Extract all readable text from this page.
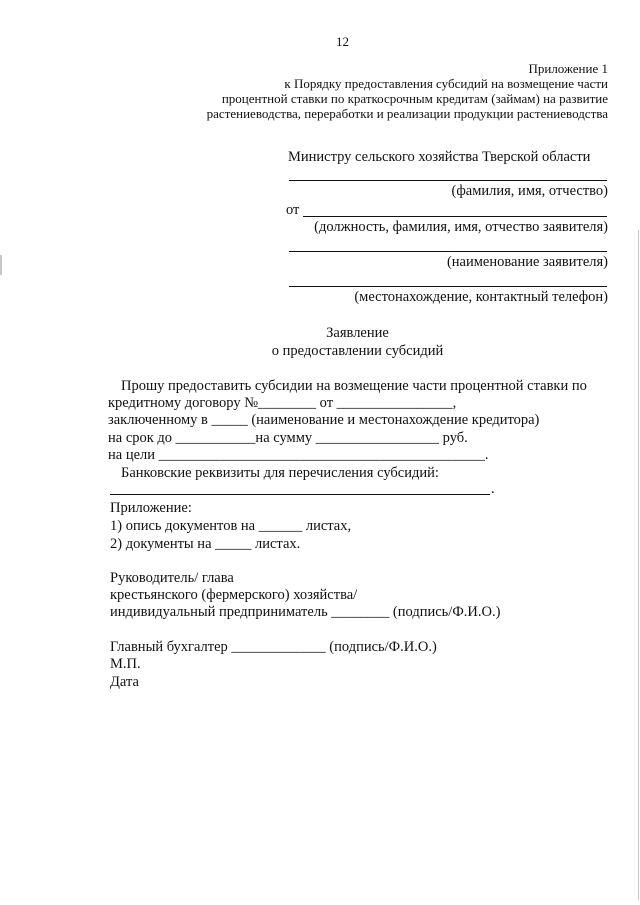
12
Приложение 1
к Порядку предоставления субсидий на возмещение части
процентной ставки по краткосрочным кредитам (займам) на развитие
растениеводства, переработки и реализации продукции растениеводства
Министру сельского хозяйства Тверской области
(фамилия, имя, отчество)
от
(должность, фамилия, имя, отчество заявителя)
(наименование заявителя)
(местонахождение, контактный телефон)
Заявление
о предоставлении субсидий
Прошу предоставить субсидии на возмещение части процентной ставки по
кредитному договору №________ от ________________,
заключенному в _____ (наименование и местонахождение кредитора)
на срок до ___________на сумму _________________ руб.
на цели _____________________________________________.
Банковские реквизиты для перечисления субсидий:
.
Приложение:
1) опись документов на ______ листах,
2) документы на _____ листах.
Руководитель/ глава
крестьянского (фермерского) хозяйства/
индивидуальный предприниматель ________ (подпись/Ф.И.О.)
Главный бухгалтер _____________ (подпись/Ф.И.О.)
М.П.
Дата
